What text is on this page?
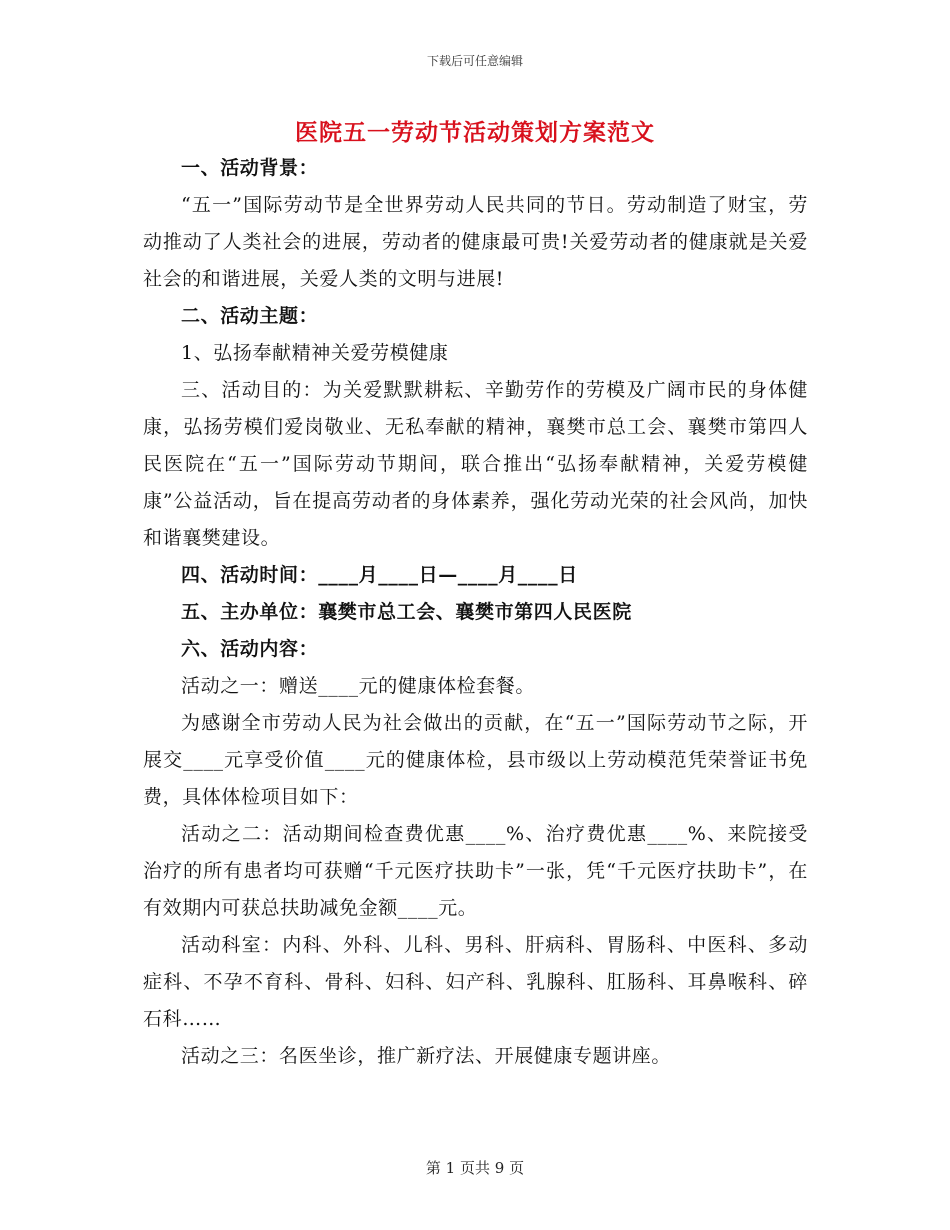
下载后可任意编辑
医院五一劳动节活动策划方案范文

一、活动背景：

“五一”国际劳动节是全世界劳动人民共同的节日。劳动制造了财宝，劳动推动了人类社会的进展，劳动者的健康最可贵!关爱劳动者的健康就是关爱社会的和谐进展，关爱人类的文明与进展!

二、活动主题：

1、弘扬奉献精神关爱劳模健康

三、活动目的：为关爱默默耕耘、辛勤劳作的劳模及广阔市民的身体健康，弘扬劳模们爱岗敬业、无私奉献的精神，襄樊市总工会、襄樊市第四人民医院在“五一”国际劳动节期间，联合推出“弘扬奉献精神，关爱劳模健康”公益活动，旨在提高劳动者的身体素养，强化劳动光荣的社会风尚，加快和谐襄樊建设。

四、活动时间：____月____日—____月____日

五、主办单位：襄樊市总工会、襄樊市第四人民医院

六、活动内容：

活动之一：赠送____元的健康体检套餐。

为感谢全市劳动人民为社会做出的贡献，在“五一”国际劳动节之际，开展交____元享受价值____元的健康体检，县市级以上劳动模范凭荣誉证书免费，具体体检项目如下：

活动之二：活动期间检查费优惠____%、治疗费优惠____%、来院接受治疗的所有患者均可获赠“千元医疗扶助卡”一张，凭“千元医疗扶助卡”，在有效期内可获总扶助减免金额____元。

活动科室：内科、外科、儿科、男科、肝病科、胃肠科、中医科、多动症科、不孕不育科、骨科、妇科、妇产科、乳腺科、肛肠科、耳鼻喉科、碎石科……

活动之三：名医坐诊，推广新疗法、开展健康专题讲座。

第 1 页共 9 页
